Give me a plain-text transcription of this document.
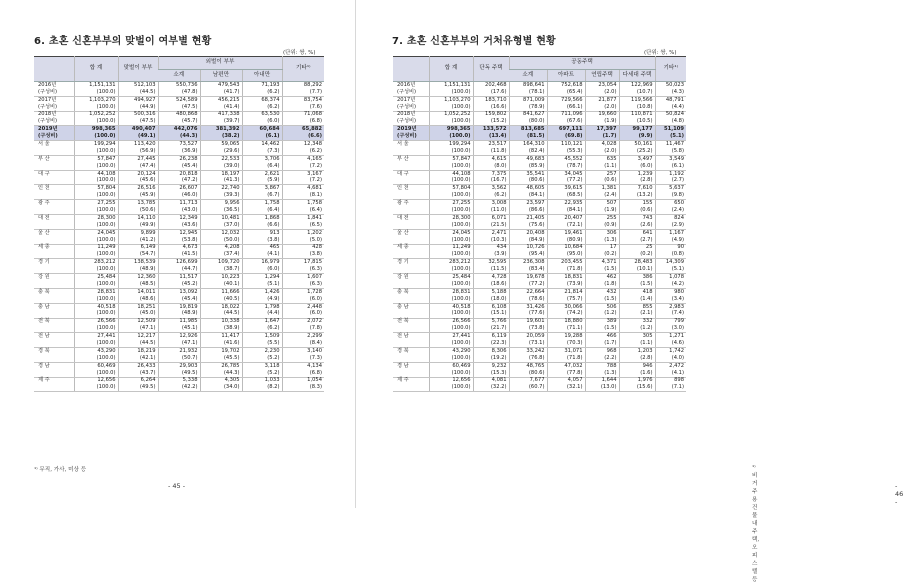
6. 초혼 신혼부부의 맞벌이 여부별 현황
(단위: 쌍, %)
	합 계	맞벌이 부부	외벌이 부부			기타¹⁾
			소계	남편만	아내만	
2016년	1,151,131	512,103	550,736	479,543	71,193	88,292
(구성비)	(100.0)	(44.5)	(47.8)	(41.7)	(6.2)	(7.7)
2017년	1,103,270	494,927	524,589	456,215	68,374	83,754
(구성비)	(100.0)	(44.9)	(47.5)	(41.4)	(6.2)	(7.6)
2018년	1,052,252	500,316	480,868	417,338	63,530	71,068
(구성비)	(100.0)	(47.5)	(45.7)	(39.7)	(6.0)	(6.8)
2019년	998,365	490,407	442,076	381,392	60,684	65,882
(구성비)	(100.0)	(49.1)	(44.3)	(38.2)	(6.1)	(6.6)
서 울	199,294	113,420	73,527	59,065	14,462	12,348
	(100.0)	(56.9)	(36.9)	(29.6)	(7.3)	(6.2)
부 산	57,847	27,445	26,238	22,533	3,706	4,165
	(100.0)	(47.4)	(45.4)	(39.0)	(6.4)	(7.2)
대 구	44,108	20,124	20,818	18,197	2,621	3,167
	(100.0)	(45.6)	(47.2)	(41.3)	(5.9)	(7.2)
인 천	57,804	26,516	26,607	22,740	3,867	4,681
	(100.0)	(45.9)	(46.0)	(39.3)	(6.7)	(8.1)
광 주	27,255	13,785	11,713	9,956	1,758	1,758
	(100.0)	(50.6)	(43.0)	(36.5)	(6.4)	(6.4)
대 전	28,300	14,110	12,349	10,481	1,868	1,841
	(100.0)	(49.9)	(43.6)	(37.0)	(6.6)	(6.5)
울 산	24,045	9,899	12,945	12,032	913	1,202
	(100.0)	(41.2)	(53.8)	(50.0)	(3.8)	(5.0)
세 종	11,249	6,149	4,673	4,208	465	428
	(100.0)	(54.7)	(41.5)	(37.4)	(4.1)	(3.8)
경 기	283,212	138,539	126,699	109,720	16,979	17,815
	(100.0)	(48.9)	(44.7)	(38.7)	(6.0)	(6.3)
강 원	25,484	12,360	11,517	10,223	1,294	1,607
	(100.0)	(48.5)	(45.2)	(40.1)	(5.1)	(6.3)
충 북	28,831	14,011	13,092	11,666	1,426	1,728
	(100.0)	(48.6)	(45.4)	(40.5)	(4.9)	(6.0)
충 남	40,518	18,251	19,819	18,022	1,798	2,448
	(100.0)	(45.0)	(48.9)	(44.5)	(4.4)	(6.0)
전 북	26,566	12,509	11,985	10,338	1,647	2,072
	(100.0)	(47.1)	(45.1)	(38.9)	(6.2)	(7.8)
전 남	27,441	12,217	12,926	11,417	1,509	2,299
	(100.0)	(44.5)	(47.1)	(41.6)	(5.5)	(8.4)
경 북	43,290	18,219	21,932	19,702	2,230	3,140
	(100.0)	(42.1)	(50.7)	(45.5)	(5.2)	(7.3)
경 남	60,469	26,433	29,903	26,785	3,118	4,134
	(100.0)	(43.7)	(49.5)	(44.3)	(5.2)	(6.8)
제 주	12,656	6,264	5,338	4,305	1,033	1,054
	(100.0)	(49.5)	(42.2)	(34.0)	(8.2)	(8.3)
¹⁾ 무직, 가사, 미상 등
- 45 -
7. 초혼 신혼부부의 거처유형별 현황
(단위: 쌍, %)
¹⁾ 비거주용 건물내 주택, 오피스텔 등
- 46 -
	합 계	단독 주택	공동주택				기타¹⁾
			소계	아파트	연립주택	다세대 주택	
2016년	1,151,131	202,468	898,641	752,618	23,054	122,969	50,023
(구성비)	(100.0)	(17.6)	(78.1)	(65.4)	(2.0)	(10.7)	(4.3)
2017년	1,103,270	183,710	871,009	729,566	21,877	119,566	48,791
(구성비)	(100.0)	(16.6)	(78.9)	(66.1)	(2.0)	(10.8)	(4.4)
2018년	1,052,252	159,802	841,627	711,096	19,660	110,871	50,824
(구성비)	(100.0)	(15.2)	(80.0)	(67.6)	(1.9)	(10.5)	(4.8)
2019년	998,365	133,572	813,685	697,111	17,397	99,177	51,109
(구성비)	(100.0)	(13.4)	(81.5)	(69.8)	(1.7)	(9.9)	(5.1)
서 울	199,294	23,517	164,310	110,121	4,028	50,161	11,467
	(100.0)	(11.8)	(82.4)	(55.3)	(2.0)	(25.2)	(5.8)
부 산	57,847	4,615	49,683	45,552	635	3,497	3,549
	(100.0)	(8.0)	(85.9)	(78.7)	(1.1)	(6.0)	(6.1)
대 구	44,108	7,375	35,541	34,045	257	1,239	1,192
	(100.0)	(16.7)	(80.6)	(77.2)	(0.6)	(2.8)	(2.7)
인 천	57,804	3,562	48,605	39,615	1,381	7,610	5,637
	(100.0)	(6.2)	(84.1)	(68.5)	(2.4)	(13.2)	(9.8)
광 주	27,255	3,008	23,597	22,935	507	155	650
	(100.0)	(11.0)	(86.6)	(84.1)	(1.9)	(0.6)	(2.4)
대 전	28,300	6,071	21,405	20,407	255	743	824
	(100.0)	(21.5)	(75.6)	(72.1)	(0.9)	(2.6)	(2.9)
울 산	24,045	2,471	20,408	19,461	306	641	1,167
	(100.0)	(10.3)	(84.9)	(80.9)	(1.3)	(2.7)	(4.9)
세 종	11,249	434	10,726	10,684	17	25	90
	(100.0)	(3.9)	(95.4)	(95.0)	(0.2)	(0.2)	(0.8)
경 기	283,212	32,595	236,308	203,455	4,371	28,483	14,309
	(100.0)	(11.5)	(83.4)	(71.8)	(1.5)	(10.1)	(5.1)
강 원	25,484	4,728	19,678	18,831	462	386	1,078
	(100.0)	(18.6)	(77.2)	(73.9)	(1.8)	(1.5)	(4.2)
충 북	28,831	5,188	22,664	21,814	432	418	980
	(100.0)	(18.0)	(78.6)	(75.7)	(1.5)	(1.4)	(3.4)
충 남	40,518	6,108	31,426	30,066	506	855	2,983
	(100.0)	(15.1)	(77.6)	(74.2)	(1.2)	(2.1)	(7.4)
전 북	26,566	5,766	19,601	18,880	389	332	799
	(100.0)	(21.7)	(73.8)	(71.1)	(1.5)	(1.2)	(3.0)
전 남	27,441	6,119	20,059	19,288	466	305	1,271
	(100.0)	(22.3)	(73.1)	(70.3)	(1.7)	(1.1)	(4.6)
경 북	43,290	8,306	33,242	31,071	968	1,203	1,742
	(100.0)	(19.2)	(76.8)	(71.8)	(2.2)	(2.8)	(4.0)
경 남	60,469	9,232	48,765	47,032	788	946	2,472
	(100.0)	(15.3)	(80.6)	(77.8)	(1.3)	(1.6)	(4.1)
제 주	12,656	4,081	7,677	4,057	1,644	1,976	898
	(100.0)	(32.2)	(60.7)	(32.1)	(13.0)	(15.6)	(7.1)
